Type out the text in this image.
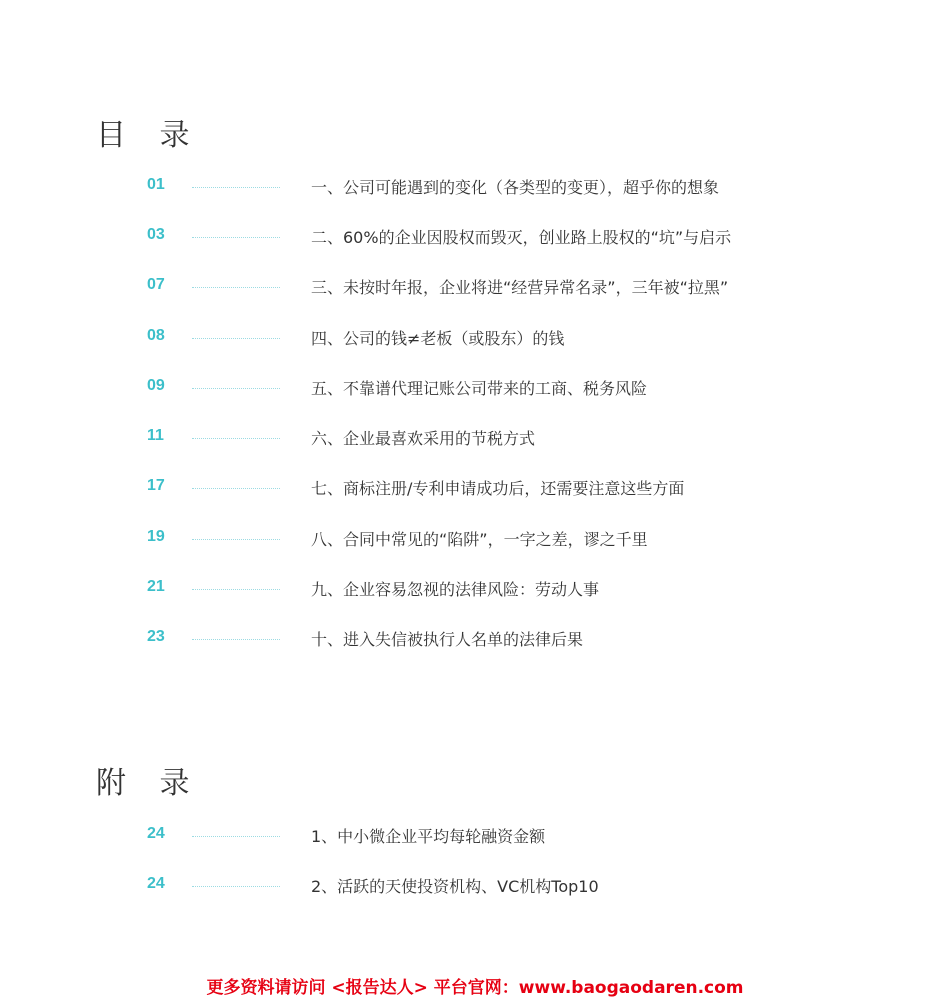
目 录
01	一、公司可能遇到的变化（各类型的变更），超乎你的想象
03	二、60%的企业因股权而毁灭，创业路上股权的“坑”与启示
07	三、未按时年报，企业将进“经营异常名录”，三年被“拉黑”
08	四、公司的钱≠老板（或股东）的钱
09	五、不靠谱代理记账公司带来的工商、税务风险
11	六、企业最喜欢采用的节税方式
17	七、商标注册/专利申请成功后，还需要注意这些方面
19	八、合同中常见的“陷阱”，一字之差，谬之千里
21	九、企业容易忽视的法律风险：劳动人事
23	十、进入失信被执行人名单的法律后果
附 录
24	1、中小微企业平均每轮融资金额
24	2、活跃的天使投资机构、VC机构Top10
更多资料请访问 <报告达人> 平台官网：www.baogaodaren.com
